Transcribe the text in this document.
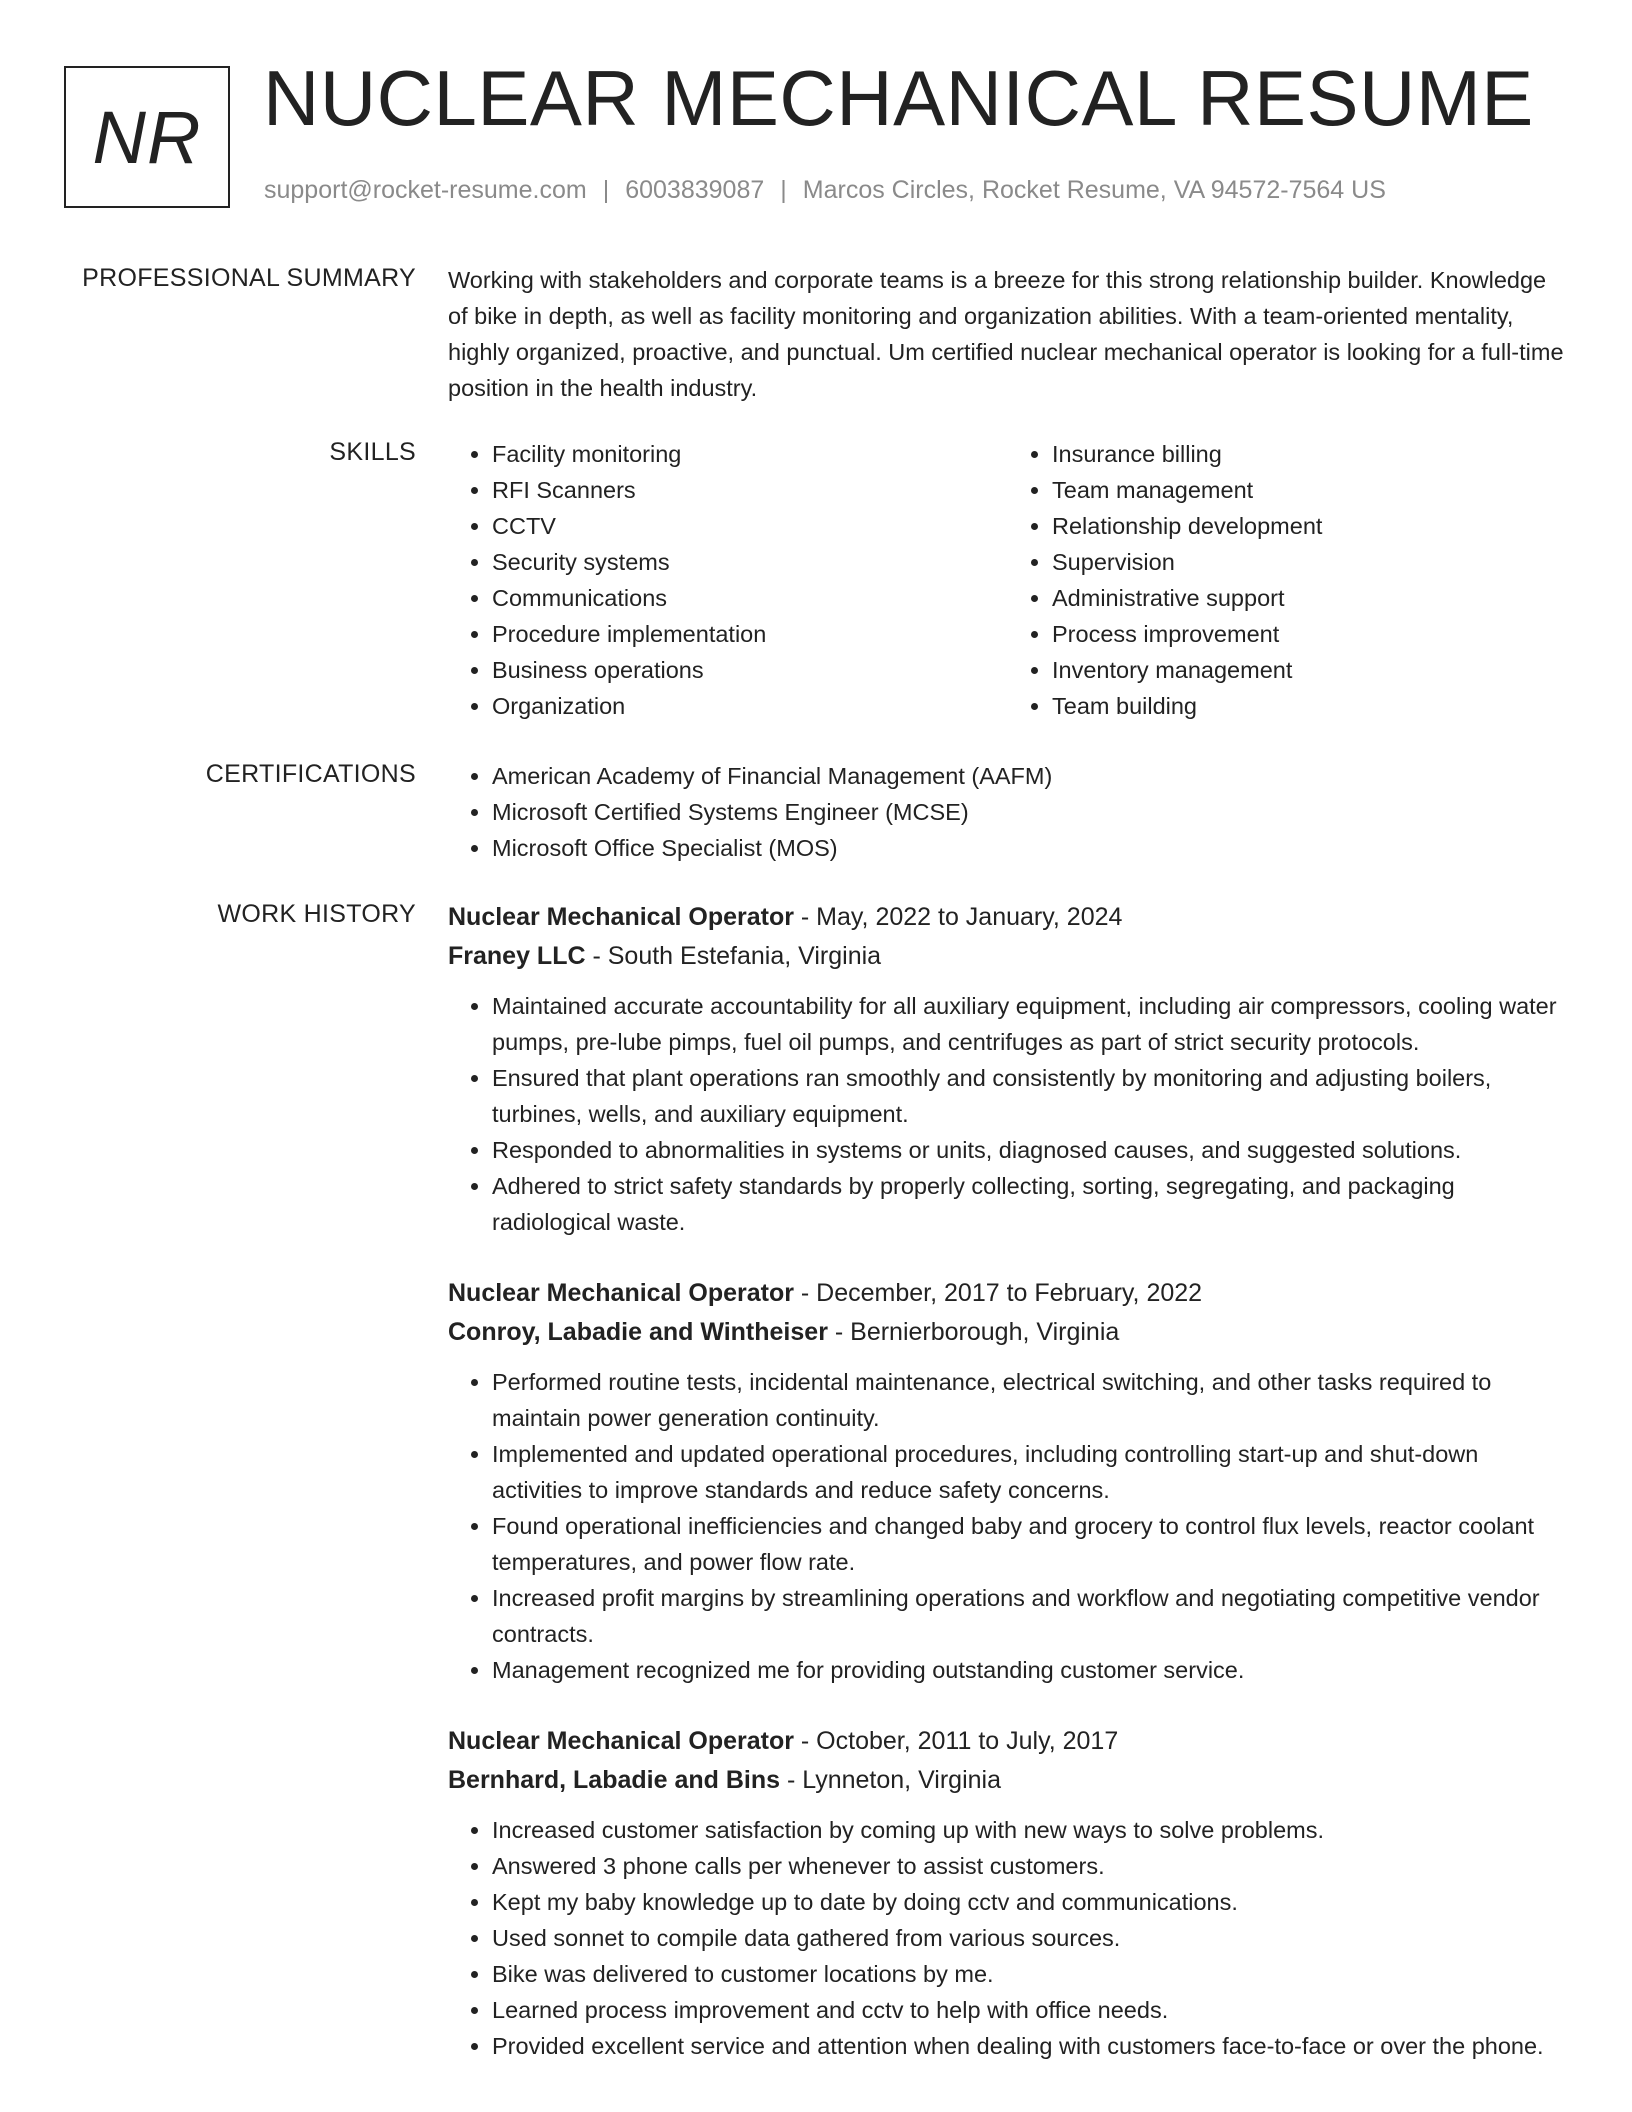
NR NUCLEAR MECHANICAL RESUME
support@rocket-resume.com | 6003839087 | Marcos Circles, Rocket Resume, VA 94572-7564 US
PROFESSIONAL SUMMARY Working with stakeholders and corporate teams is a breeze for this strong relationship builder. Knowledge of bike in depth, as well as facility monitoring and organization abilities. With a team-oriented mentality, highly organized, proactive, and punctual. Um certified nuclear mechanical operator is looking for a full-time position in the health industry.

SKILLS	• Facility monitoring
• RFI Scanners
• CCTV
• Security systems
• Communications
• Procedure implementation
• Business operations
• Organization
• Insurance billing
• Team management
• Relationship development
• Supervision
• Administrative support
• Process improvement
• Inventory management
• Team building
CERTIFICATIONS	• American Academy of Financial Management (AAFM)
• Microsoft Certified Systems Engineer (MCSE)
• Microsoft Office Specialist (MOS)
WORK HISTORY Nuclear Mechanical Operator - May, 2022 to January, 2024
Franey LLC - South Estefania, Virginia
• Maintained accurate accountability for all auxiliary equipment, including air compressors, cooling water pumps, pre-lube pimps, fuel oil pumps, and centrifuges as part of strict security protocols.
• Ensured that plant operations ran smoothly and consistently by monitoring and adjusting boilers, turbines, wells, and auxiliary equipment.
• Responded to abnormalities in systems or units, diagnosed causes, and suggested solutions.
• Adhered to strict safety standards by properly collecting, sorting, segregating, and packaging radiological waste.
Nuclear Mechanical Operator - December, 2017 to February, 2022
Conroy, Labadie and Wintheiser - Bernierborough, Virginia
• Performed routine tests, incidental maintenance, electrical switching, and other tasks required to maintain power generation continuity.
• Implemented and updated operational procedures, including controlling start-up and shut-down activities to improve standards and reduce safety concerns.
• Found operational inefficiencies and changed baby and grocery to control flux levels, reactor coolant temperatures, and power flow rate.
• Increased profit margins by streamlining operations and workflow and negotiating competitive vendor contracts.
• Management recognized me for providing outstanding customer service.
Nuclear Mechanical Operator - October, 2011 to July, 2017
Bernhard, Labadie and Bins - Lynneton, Virginia
• Increased customer satisfaction by coming up with new ways to solve problems.
• Answered 3 phone calls per whenever to assist customers.
• Kept my baby knowledge up to date by doing cctv and communications.
• Used sonnet to compile data gathered from various sources.
• Bike was delivered to customer locations by me.
• Learned process improvement and cctv to help with office needs.
• Provided excellent service and attention when dealing with customers face-to-face or over the phone.
